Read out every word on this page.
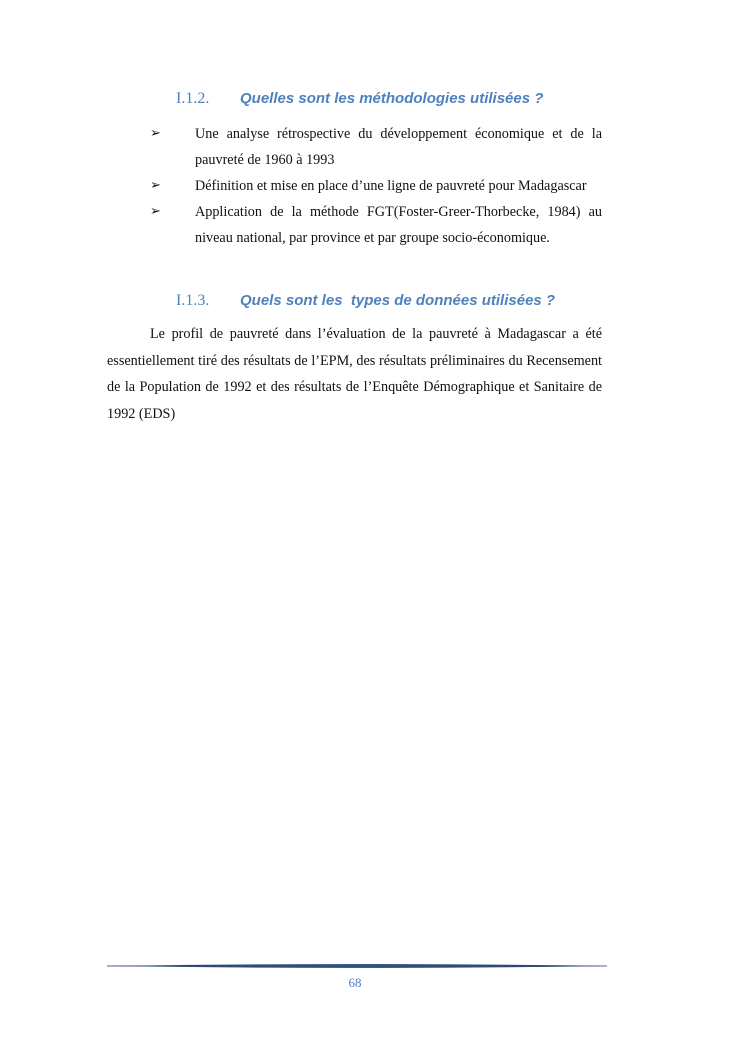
I.1.2. Quelles sont les méthodologies utilisées ?
➢ Une analyse rétrospective du développement économique et de la pauvreté de 1960 à 1993
➢ Définition et mise en place d’une ligne de pauvreté pour Madagascar
➢ Application de la méthode FGT(Foster-Greer-Thorbecke, 1984) au niveau national, par province et par groupe socio-économique.
I.1.3. Quels sont les  types de données utilisées ?

Le profil de pauvreté dans l’évaluation de la pauvreté à Madagascar a été essentiellement tiré des résultats de l’EPM, des résultats préliminaires du Recensement de la Population de 1992 et des résultats de l’Enquête Démographique et Sanitaire de 1992 (EDS)

68
